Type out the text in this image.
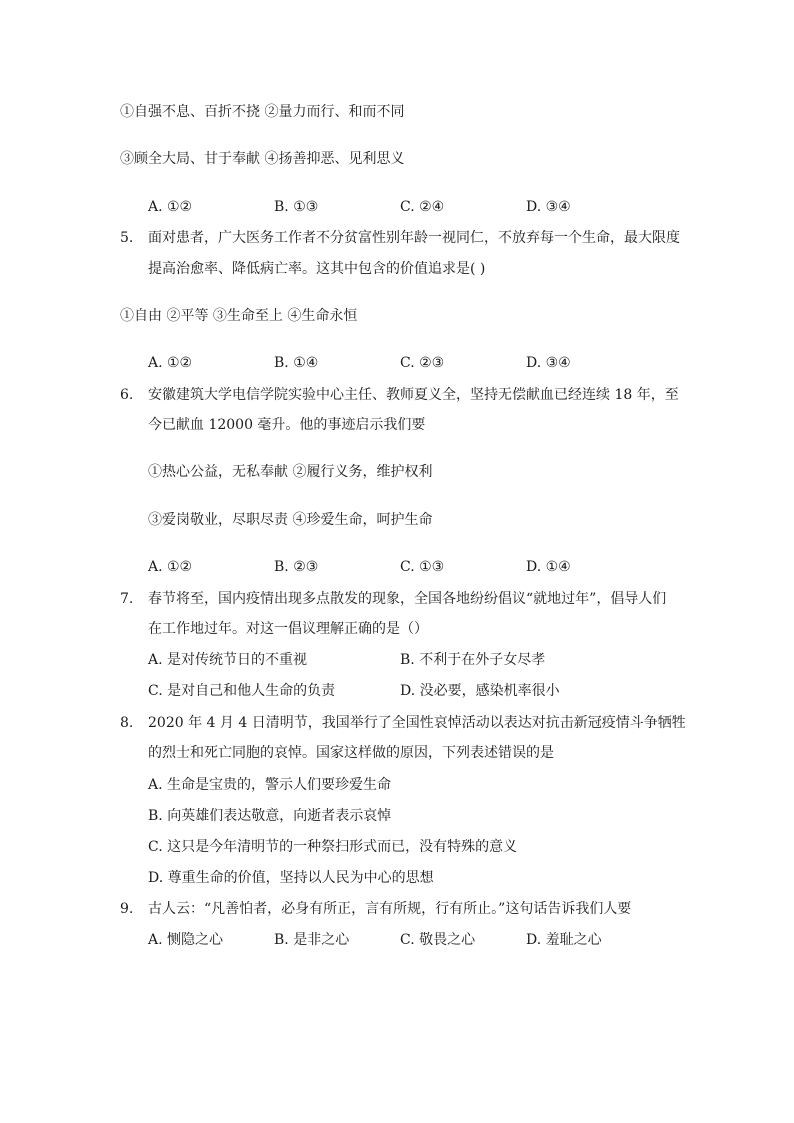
①自强不息、百折不挠 ②量力而行、和而不同
③顾全大局、甘于奉献 ④扬善抑恶、见利思义
A. ①②	B. ①③	C. ②④	D. ③④
5. 面对患者，广大医务工作者不分贫富性别年龄一视同仁，不放弃每一个生命，最大限度
提高治愈率、降低病亡率。这其中包含的价值追求是( )
①自由 ②平等 ③生命至上 ④生命永恒
A. ①②	B. ①④	C. ②③	D. ③④
6. 安徽建筑大学电信学院实验中心主任、教师夏义全，坚持无偿献血已经连续 18 年，至
今已献血 12000 毫升。他的事迹启示我们要
①热心公益，无私奉献 ②履行义务，维护权利
③爱岗敬业，尽职尽责 ④珍爱生命，呵护生命
A. ①②	B. ②③	C. ①③	D. ①④
7. 春节将至，国内疫情出现多点散发的现象，全国各地纷纷倡议“就地过年”，倡导人们
在工作地过年。对这一倡议理解正确的是（）
A. 是对传统节日的不重视	B. 不利于在外子女尽孝
C. 是对自己和他人生命的负责	D. 没必要，感染机率很小
8. 2020 年 4 月 4 日清明节，我国举行了全国性哀悼活动以表达对抗击新冠疫情斗争牺牲
的烈士和死亡同胞的哀悼。国家这样做的原因，下列表述错误的是
A. 生命是宝贵的，警示人们要珍爱生命
B. 向英雄们表达敬意，向逝者表示哀悼
C. 这只是今年清明节的一种祭扫形式而已，没有特殊的意义
D. 尊重生命的价值，坚持以人民为中心的思想
9. 古人云：“凡善怕者，必身有所正，言有所规，行有所止。”这句话告诉我们人要
A. 恻隐之心	B. 是非之心	C. 敬畏之心	D. 羞耻之心
